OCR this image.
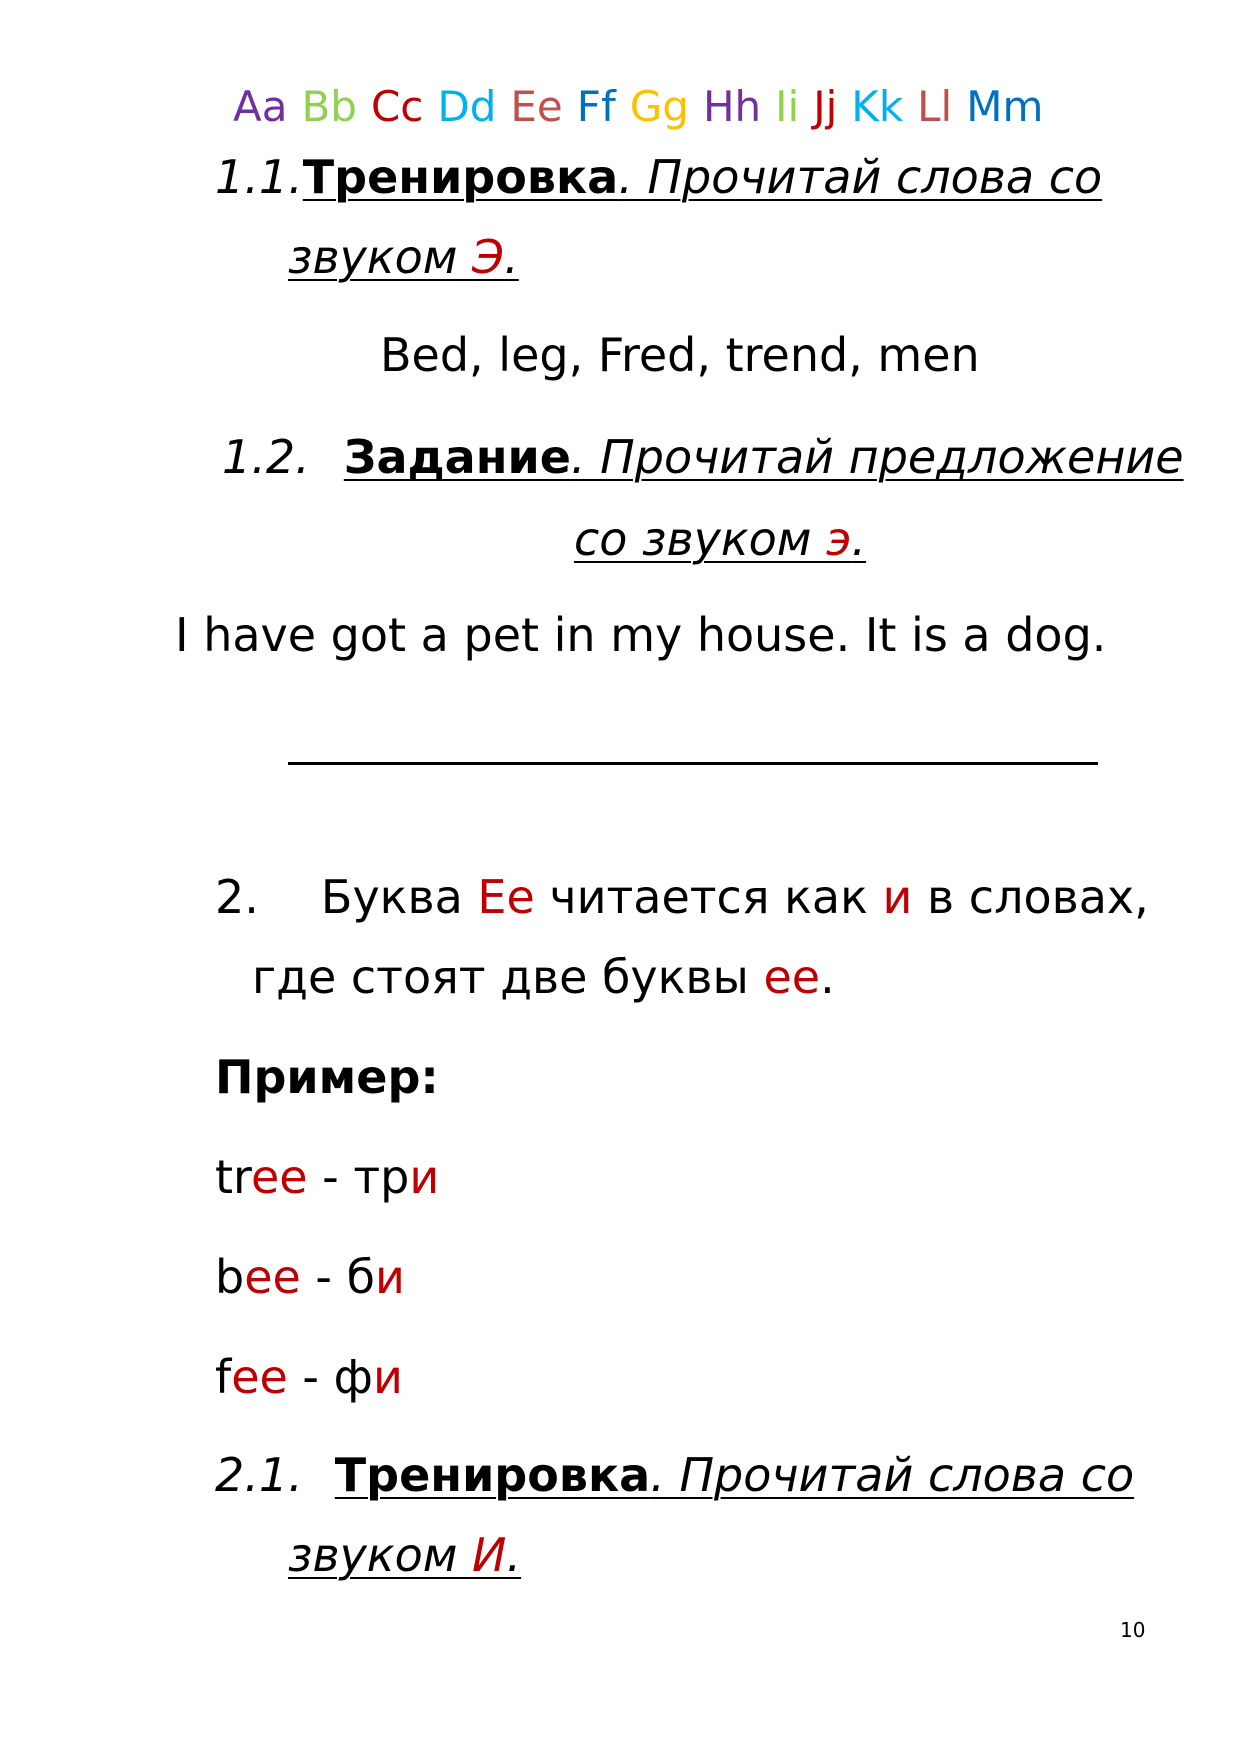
Aa Bb Cc Dd Ee Ff Gg Hh Ii Jj Kk Ll Mm
1.1.Тренировка. Прочитай слова со
звуком Э.
Bed, leg, Fred, trend, men
1.2. Задание. Прочитай предложение
со звуком э.
I have got a pet in my house. It is a dog.
2. Буква Ee читается как и в словах,
где стоят две буквы ee.
Пример:
tree - три
bee - би
fee - фи
2.1. Тренировка. Прочитай слова со
звуком И.
10
